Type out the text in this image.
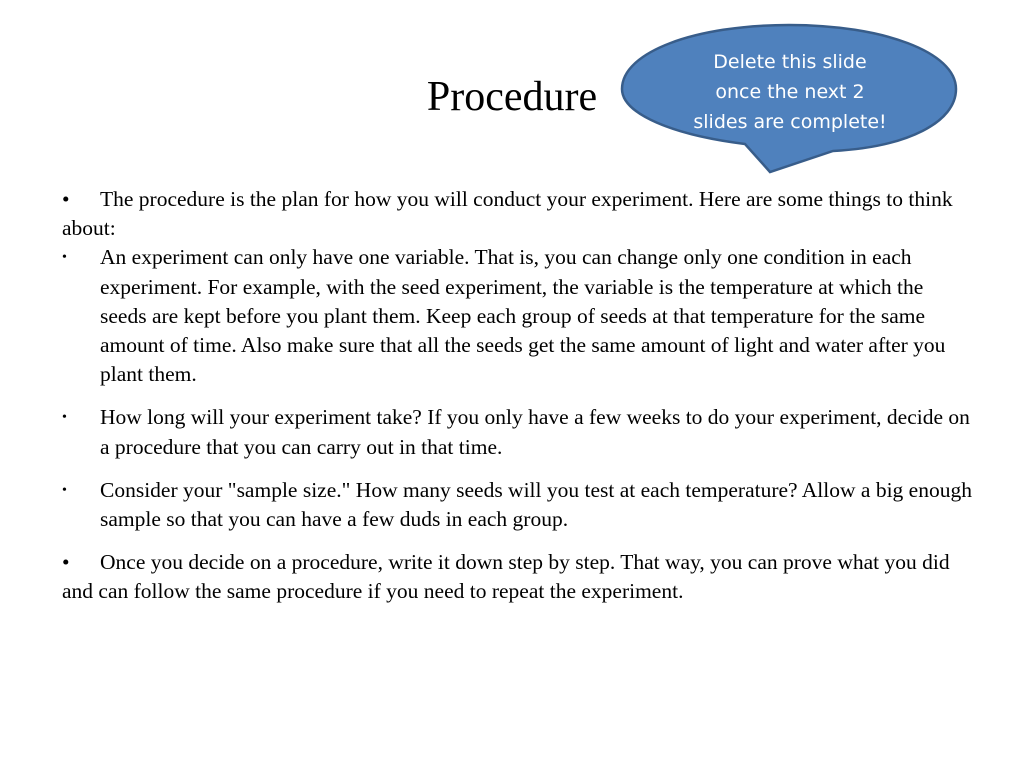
Procedure
Delete this slide
once the next 2
slides are complete!

• The procedure is the plan for how you will conduct your experiment. Here are some things to think about:

• An experiment can only have one variable. That is, you can change only one condition in each experiment. For example, with the seed experiment, the variable is the temperature at which the seeds are kept before you plant them. Keep each group of seeds at that temperature for the same amount of time. Also make sure that all the seeds get the same amount of light and water after you plant them.

• How long will your experiment take? If you only have a few weeks to do your experiment, decide on a procedure that you can carry out in that time.

• Consider your "sample size." How many seeds will you test at each temperature? Allow a big enough sample so that you can have a few duds in each group.

• Once you decide on a procedure, write it down step by step. That way, you can prove what you did and can follow the same procedure if you need to repeat the experiment.
